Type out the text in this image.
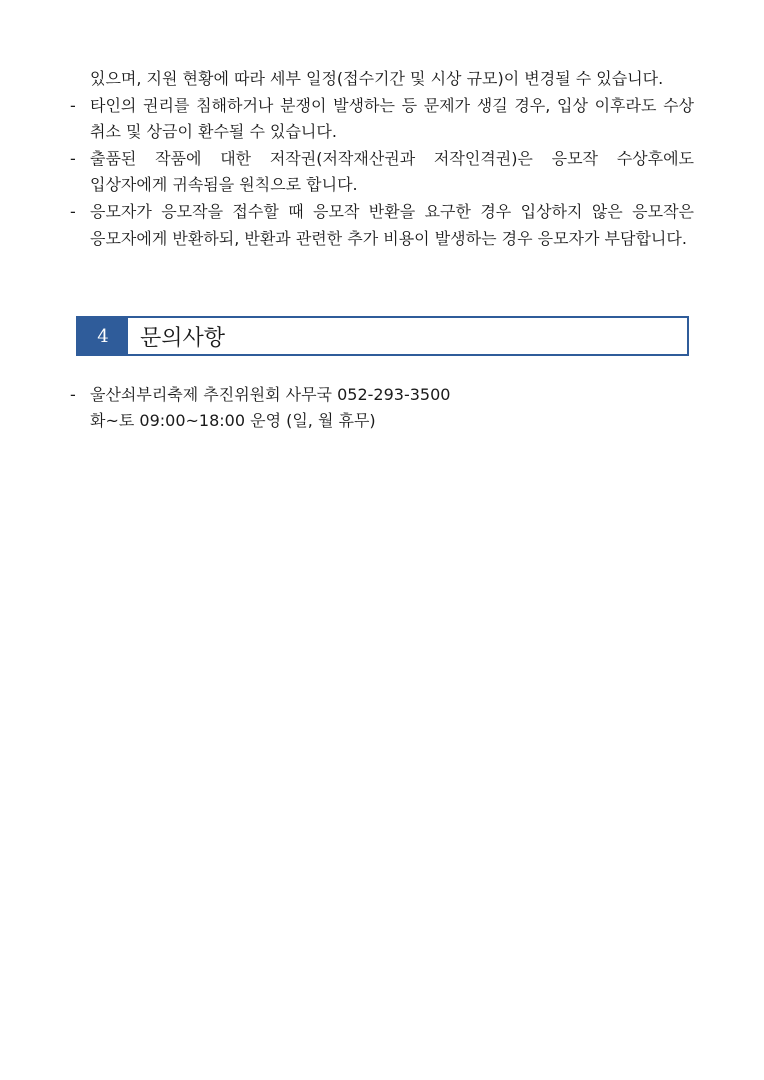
있으며, 지원 현황에 따라 세부 일정(접수기간 및 시상 규모)이 변경될 수 있습니다.
- 타인의 권리를 침해하거나 분쟁이 발생하는 등 문제가 생길 경우, 입상 이후라도 수상 취소 및 상금이 환수될 수 있습니다.
- 출품된 작품에 대한 저작권(저작재산권과 저작인격권)은 응모작 수상후에도 입상자에게 귀속됨을 원칙으로 합니다.
- 응모자가 응모작을 접수할 때 응모작 반환을 요구한 경우 입상하지 않은 응모작은 응모자에게 반환하되, 반환과 관련한 추가 비용이 발생하는 경우 응모자가 부담합니다.
4	문의사항
- 울산쇠부리축제 추진위원회 사무국 052-293-3500
화~토 09:00~18:00 운영 (일, 월 휴무)
